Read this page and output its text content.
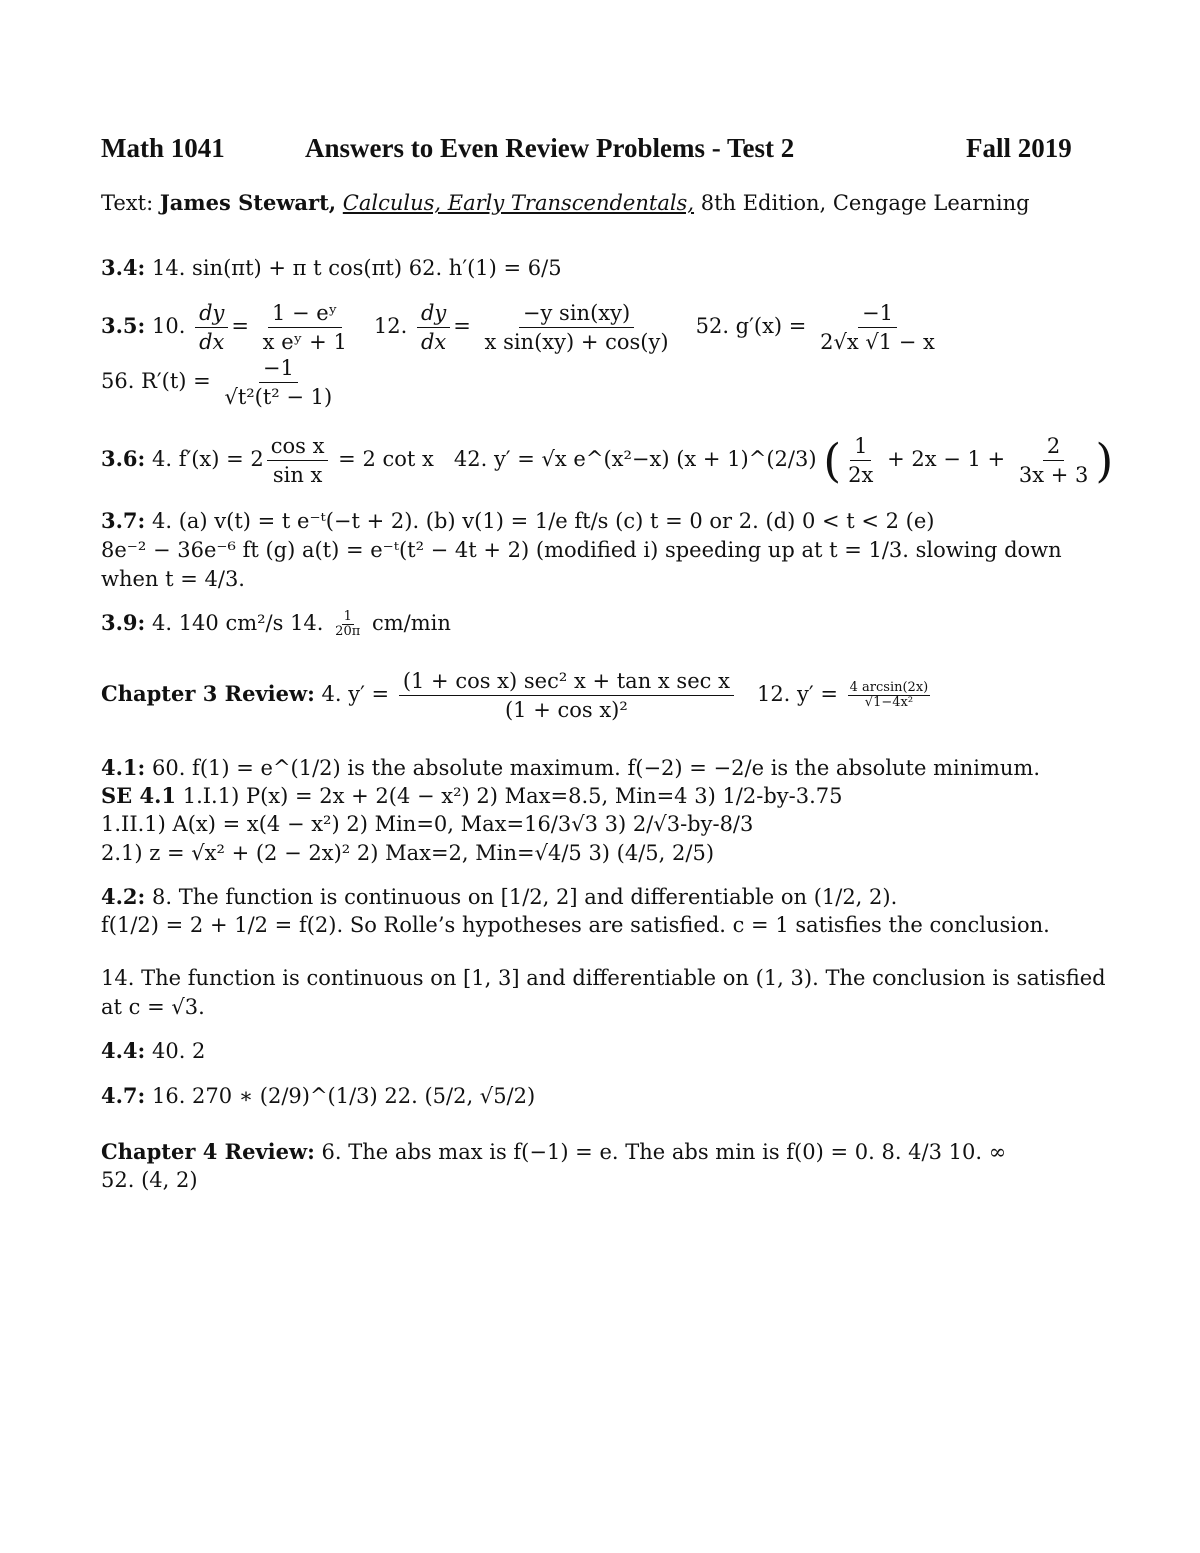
Math 1041	Answers to Even Review Problems - Test 2	Fall 2019
Text: James Stewart, Calculus, Early Transcendentals, 8th Edition, Cengage Learning
3.4: 14. sin(πt) + π t cos(πt) 62. h′(1) = 6/5
3.5: 10. $\frac{dy}{dx} = \frac{\text{1 − eʸ}}{\text{x eʸ + 1}} 12$. $\frac{dy}{dx} = \frac{\text{−y sin(xy)}}{\text{x sin(xy) + cos(y)}} 52$. $g'(x) = \frac{-1}{2√x √1 - x}$
56. $R'(t) = \frac{-1}{\text{√t²(t² − 1)}}$
3.6: 4. $f'(x) = 2 \frac{\text{cos x}}{\text{sin x}} = 2$ cot x 42. y′ = √x e^(x²−x) (x + 1)^(2/3) ( $\frac{1}{2x} + 2x - 1 + \frac{2}{3x + 3}$ )
3.7: 4. (a) v(t) = t e⁻ᵗ(−t + 2). (b) v(1) = 1/e ft/s (c) t = 0 or 2. (d) 0 < t < 2 (e)
8e⁻² − 36e⁻⁶ ft (g) a(t) = e⁻ᵗ(t² − 4t + 2) (modified i) speeding up at t = 1/3. slowing down
when t = 4/3.
3.9: 4. 140 cm²/s 14. $\frac{1}{20\pi} cm/\min$
Chapter 3 Review: 4. $y' = \frac{\text{(1 + cos x) sec² x + tan x sec x}}{\text{(1 + cos x)²}} 12$. $y' = \frac{4 \arcsin(2x)}{\text{√1−4x²}}$
4.1: 60. f(1) = e^(1/2) is the absolute maximum. f(−2) = −2/e is the absolute minimum.
SE 4.1 1.I.1) P(x) = 2x + 2(4 − x²) 2) Max=8.5, Min=4 3) 1/2-by-3.75
1.II.1) A(x) = x(4 − x²) 2) Min=0, Max=16/3√3 3) 2/√3-by-8/3
2.1) z = √x² + (2 − 2x)² 2) Max=2, Min=√4/5 3) (4/5, 2/5)
4.2: 8. The function is continuous on [1/2, 2] and differentiable on (1/2, 2).
f(1/2) = 2 + 1/2 = f(2). So Rolle’s hypotheses are satisfied. c = 1 satisfies the conclusion.
14. The function is continuous on [1, 3] and differentiable on (1, 3). The conclusion is satisfied
at c = √3.
4.4: 40. 2
4.7: 16. 270 ∗ (2/9)^(1/3) 22. (5/2, √5/2)
Chapter 4 Review: 6. The abs max is f(−1) = e. The abs min is f(0) = 0. 8. 4/3 10. ∞
52. (4, 2)
